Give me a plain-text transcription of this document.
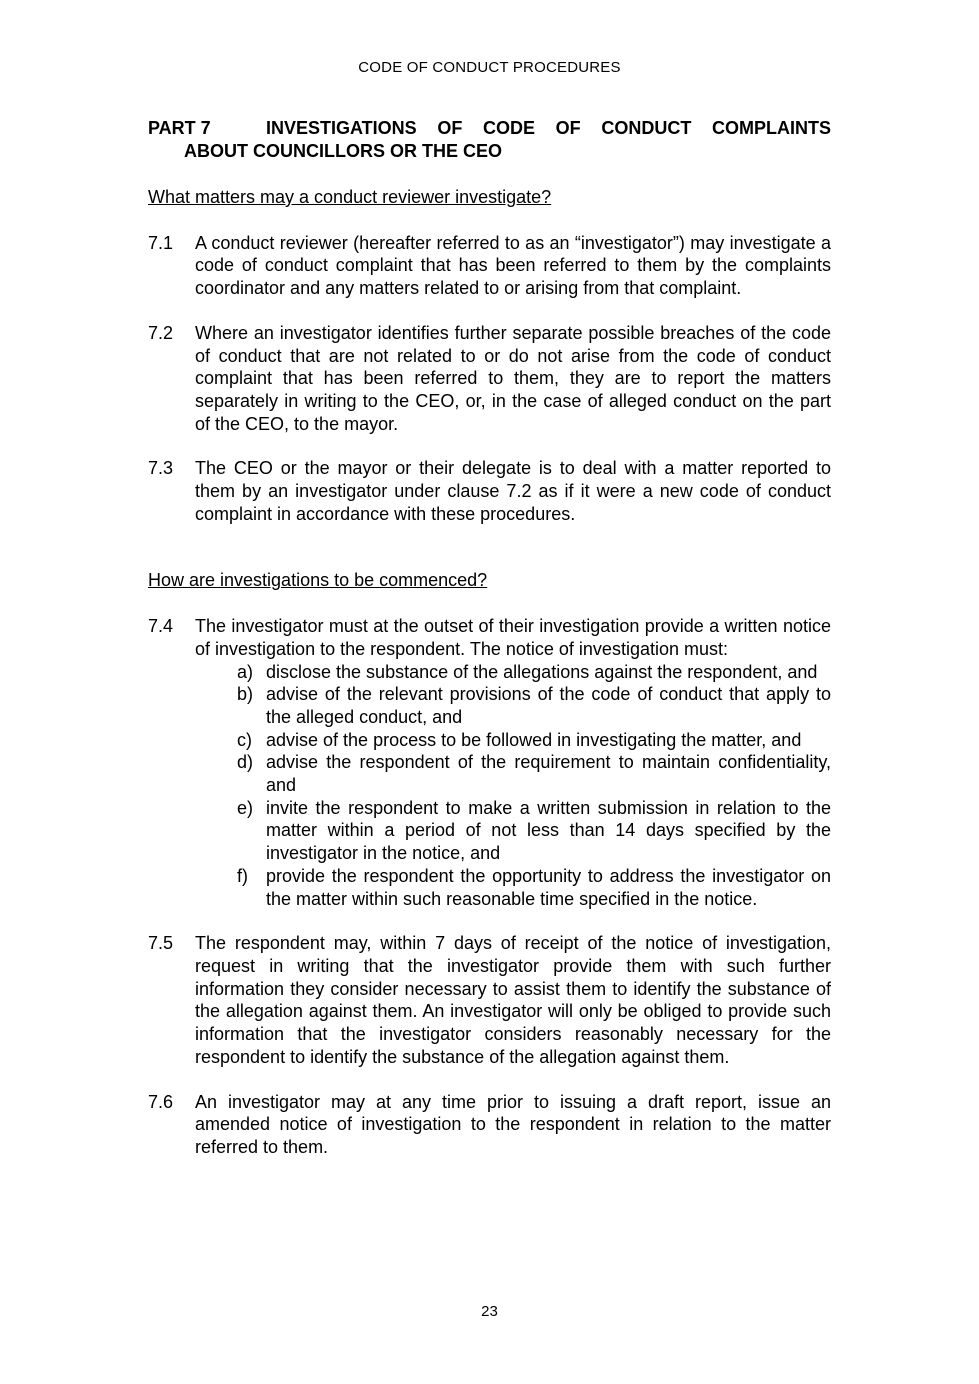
CODE OF CONDUCT PROCEDURES
PART 7	INVESTIGATIONS OF CODE OF CONDUCT COMPLAINTS
ABOUT COUNCILLORS OR THE CEO
What matters may a conduct reviewer investigate?
7.1	A conduct reviewer (hereafter referred to as an “investigator”) may investigate a code of conduct complaint that has been referred to them by the complaints coordinator and any matters related to or arising from that complaint.

7.2	Where an investigator identifies further separate possible breaches of the code of conduct that are not related to or do not arise from the code of conduct complaint that has been referred to them, they are to report the matters separately in writing to the CEO, or, in the case of alleged conduct on the part of the CEO, to the mayor.

7.3	The CEO or the mayor or their delegate is to deal with a matter reported to them by an investigator under clause 7.2 as if it were a new code of conduct complaint in accordance with these procedures.

How are investigations to be commenced?
7.4	The investigator must at the outset of their investigation provide a written notice of investigation to the respondent. The notice of investigation must:

a) disclose the substance of the allegations against the respondent, and
b) advise of the relevant provisions of the code of conduct that apply to the alleged conduct, and
c) advise of the process to be followed in investigating the matter, and
d) advise the respondent of the requirement to maintain confidentiality, and
e) invite the respondent to make a written submission in relation to the matter within a period of not less than 14 days specified by the investigator in the notice, and
f)	provide the respondent the opportunity to address the investigator on the matter within such reasonable time specified in the notice.
7.5	The respondent may, within 7 days of receipt of the notice of investigation, request in writing that the investigator provide them with such further information they consider necessary to assist them to identify the substance of the allegation against them. An investigator will only be obliged to provide such information that the investigator considers reasonably necessary for the respondent to identify the substance of the allegation against them.

7.6	An investigator may at any time prior to issuing a draft report, issue an amended notice of investigation to the respondent in relation to the matter referred to them.

23
